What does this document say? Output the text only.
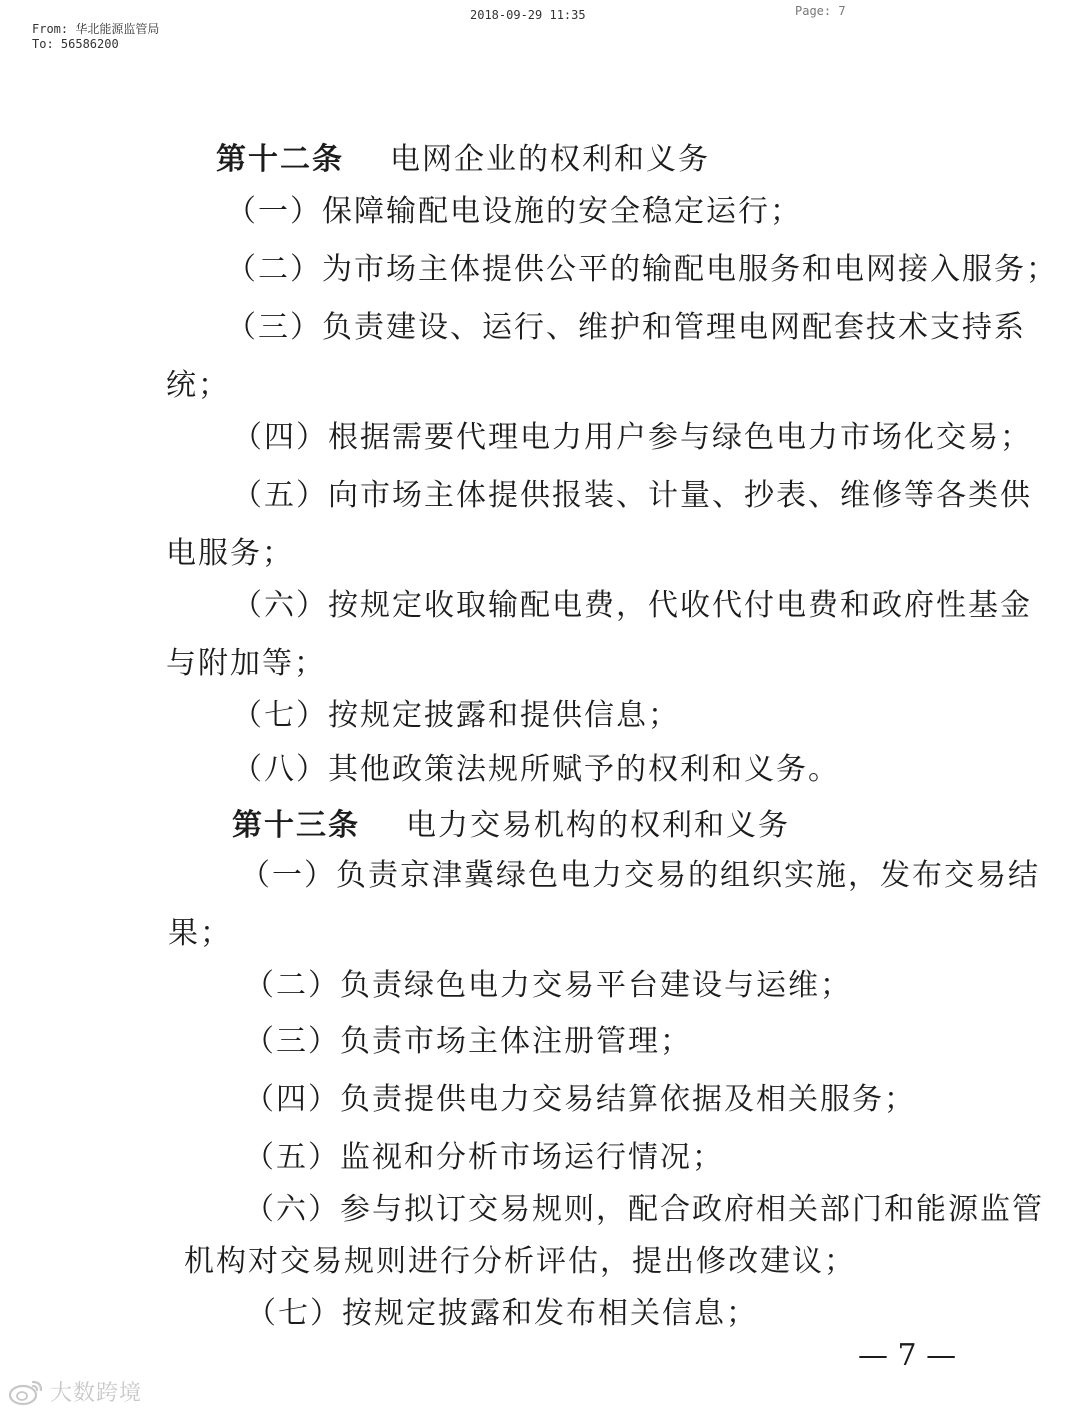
From: 华北能源监管局
To: 56586200
2018-09-29 11:35	Page: 7
第十二条 电网企业的权利和义务
（一）保障输配电设施的安全稳定运行；
（二）为市场主体提供公平的输配电服务和电网接入服务；
（三）负责建设、运行、维护和管理电网配套技术支持系
统；
（四）根据需要代理电力用户参与绿色电力市场化交易；
（五）向市场主体提供报装、计量、抄表、维修等各类供
电服务；
（六）按规定收取输配电费，代收代付电费和政府性基金
与附加等；
（七）按规定披露和提供信息；
（八）其他政策法规所赋予的权利和义务。
第十三条 电力交易机构的权利和义务
（一）负责京津冀绿色电力交易的组织实施，发布交易结
果；
（二）负责绿色电力交易平台建设与运维；
（三）负责市场主体注册管理；
（四）负责提供电力交易结算依据及相关服务；
（五）监视和分析市场运行情况；
（六）参与拟订交易规则，配合政府相关部门和能源监管
机构对交易规则进行分析评估，提出修改建议；
（七）按规定披露和发布相关信息；
— 7 —
大数跨境
